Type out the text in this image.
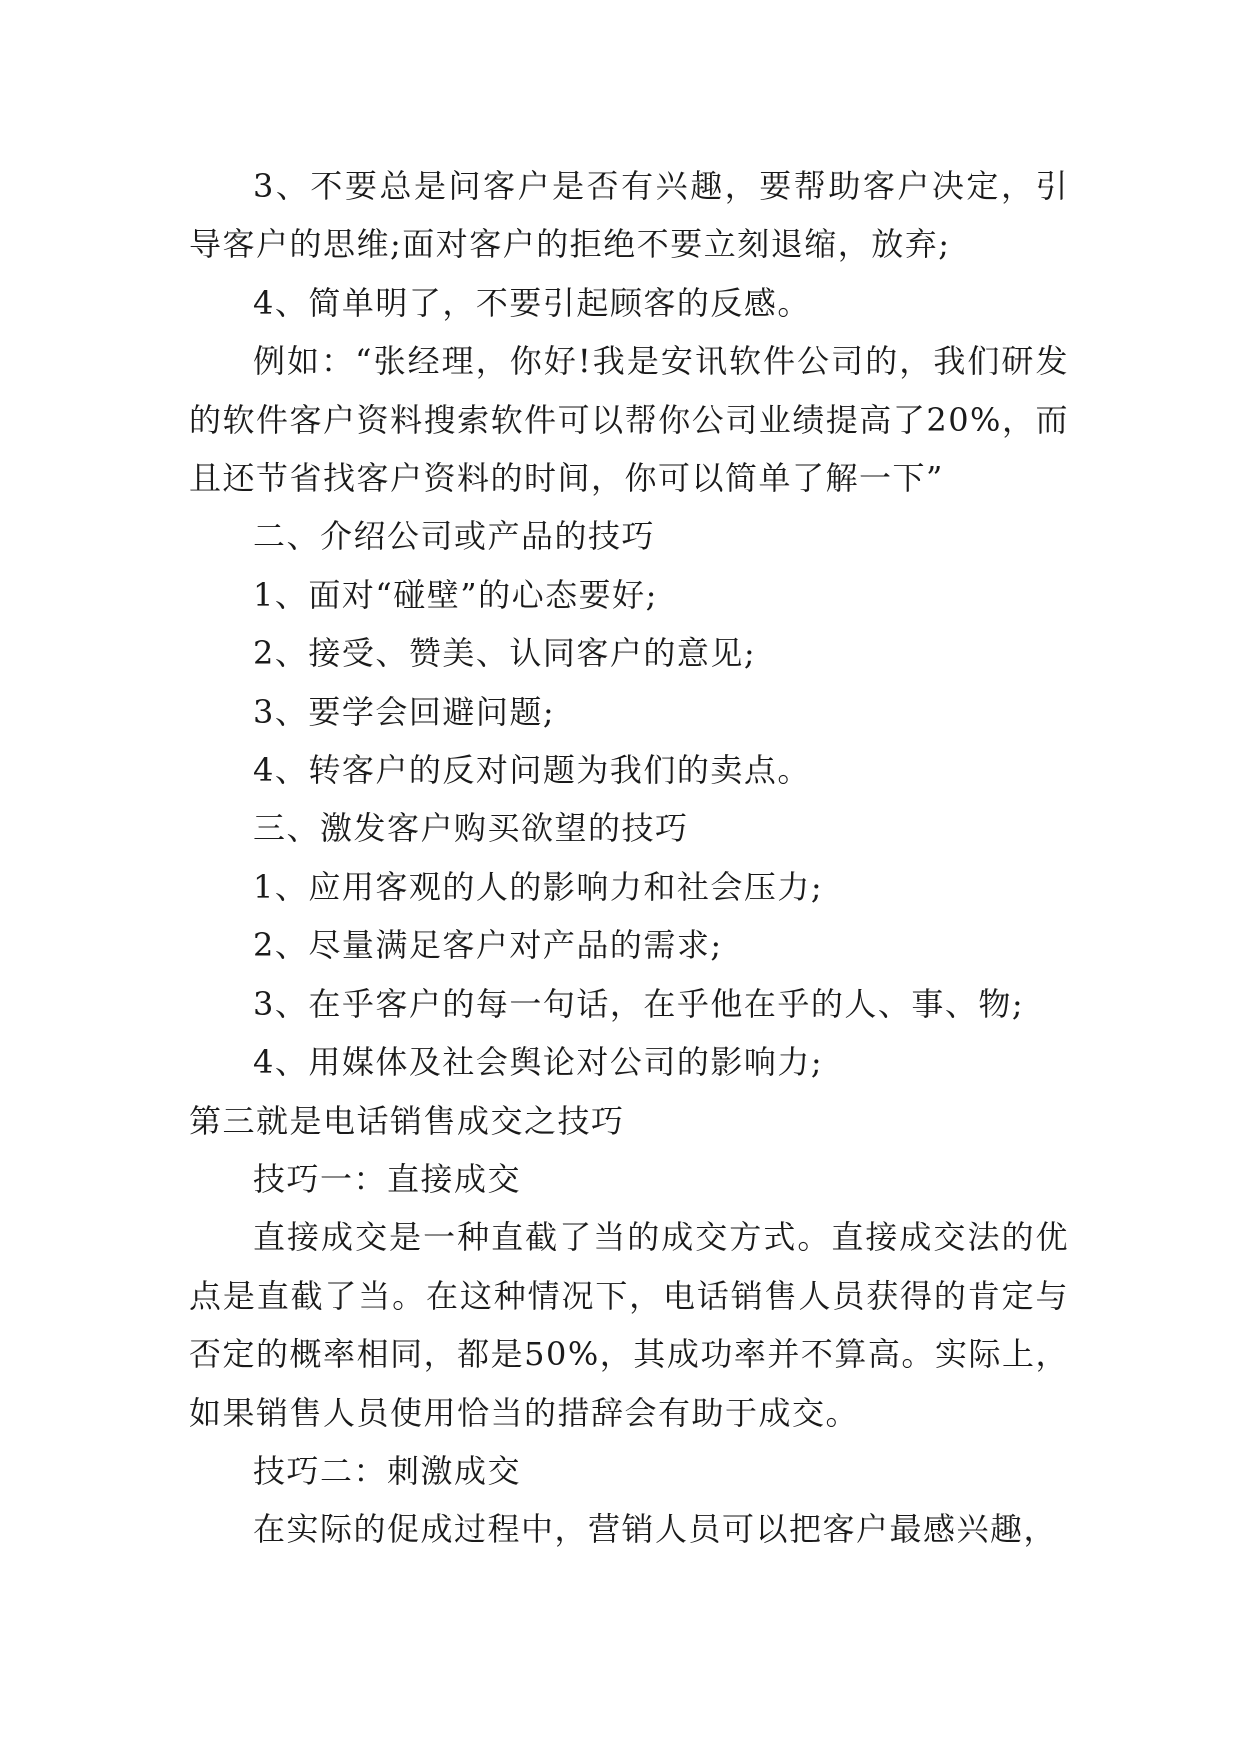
3、不要总是问客户是否有兴趣，要帮助客户决定，引导客户的思维;面对客户的拒绝不要立刻退缩，放弃;

4、简单明了，不要引起顾客的反感。

例如：“张经理，你好!我是安讯软件公司的，我们研发的软件客户资料搜索软件可以帮你公司业绩提高了20%，而且还节省找客户资料的时间，你可以简单了解一下”

二、介绍公司或产品的技巧

1、面对“碰壁”的心态要好;

2、接受、赞美、认同客户的意见;

3、要学会回避问题;

4、转客户的反对问题为我们的卖点。

三、激发客户购买欲望的技巧

1、应用客观的人的影响力和社会压力;

2、尽量满足客户对产品的需求;

3、在乎客户的每一句话，在乎他在乎的人、事、物;

4、用媒体及社会舆论对公司的影响力;

第三就是电话销售成交之技巧

技巧一：直接成交

直接成交是一种直截了当的成交方式。直接成交法的优点是直截了当。在这种情况下，电话销售人员获得的肯定与否定的概率相同，都是50%，其成功率并不算高。实际上，如果销售人员使用恰当的措辞会有助于成交。

技巧二：刺激成交

在实际的促成过程中，营销人员可以把客户最感兴趣，
